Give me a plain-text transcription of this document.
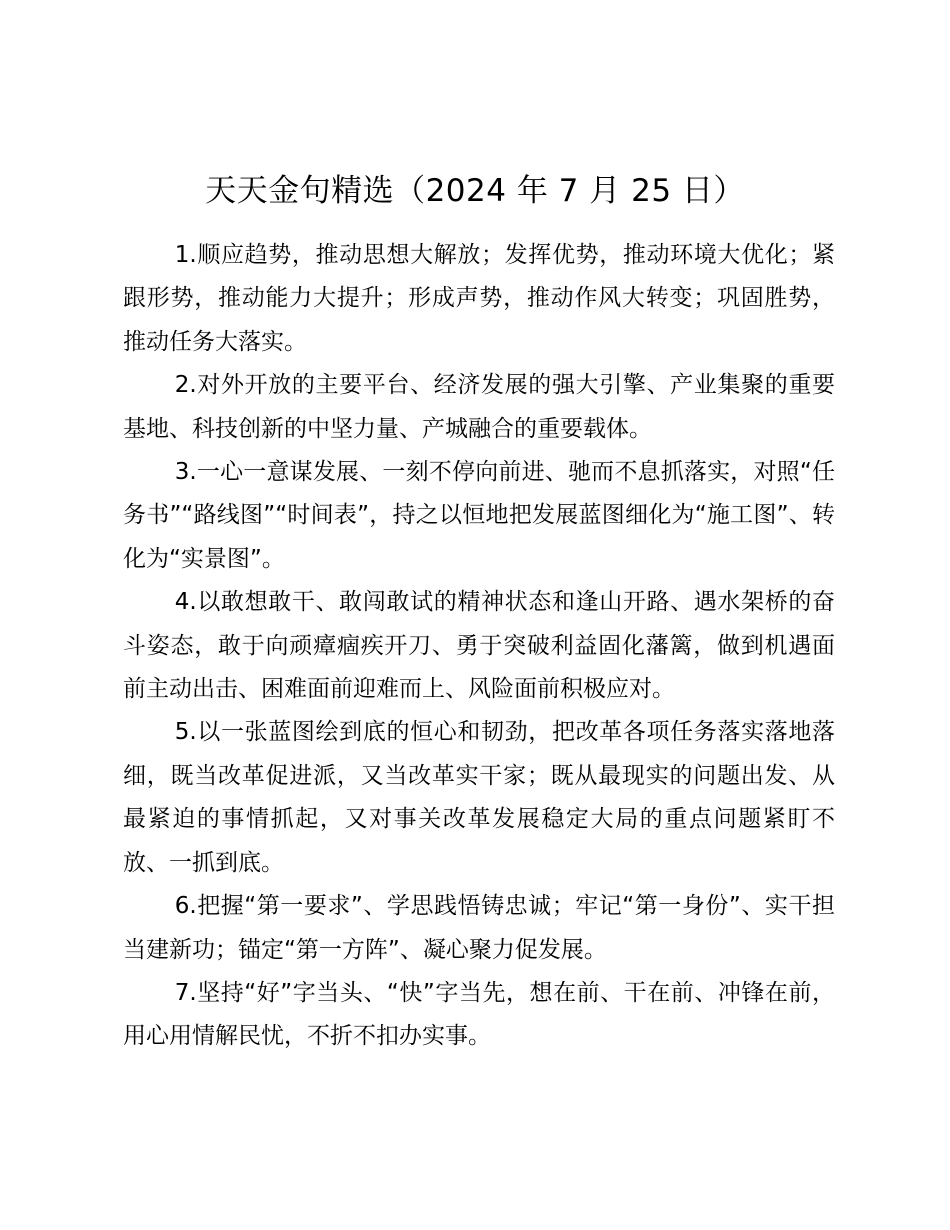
天天金句精选（2024 年 7 月 25 日）

1.顺应趋势，推动思想大解放；发挥优势，推动环境大优化；紧跟形势，推动能力大提升；形成声势，推动作风大转变；巩固胜势，推动任务大落实。

2.对外开放的主要平台、经济发展的强大引擎、产业集聚的重要基地、科技创新的中坚力量、产城融合的重要载体。

3.一心一意谋发展、一刻不停向前进、驰而不息抓落实，对照“任务书”“路线图”“时间表”，持之以恒地把发展蓝图细化为“施工图”、转化为“实景图”。

4.以敢想敢干、敢闯敢试的精神状态和逢山开路、遇水架桥的奋斗姿态，敢于向顽瘴痼疾开刀、勇于突破利益固化藩篱，做到机遇面前主动出击、困难面前迎难而上、风险面前积极应对。

5.以一张蓝图绘到底的恒心和韧劲，把改革各项任务落实落地落细，既当改革促进派，又当改革实干家；既从最现实的问题出发、从最紧迫的事情抓起，又对事关改革发展稳定大局的重点问题紧盯不放、一抓到底。

6.把握“第一要求”、学思践悟铸忠诚；牢记“第一身份”、实干担当建新功；锚定“第一方阵”、凝心聚力促发展。

7.坚持“好”字当头、“快”字当先，想在前、干在前、冲锋在前，用心用情解民忧，不折不扣办实事。
